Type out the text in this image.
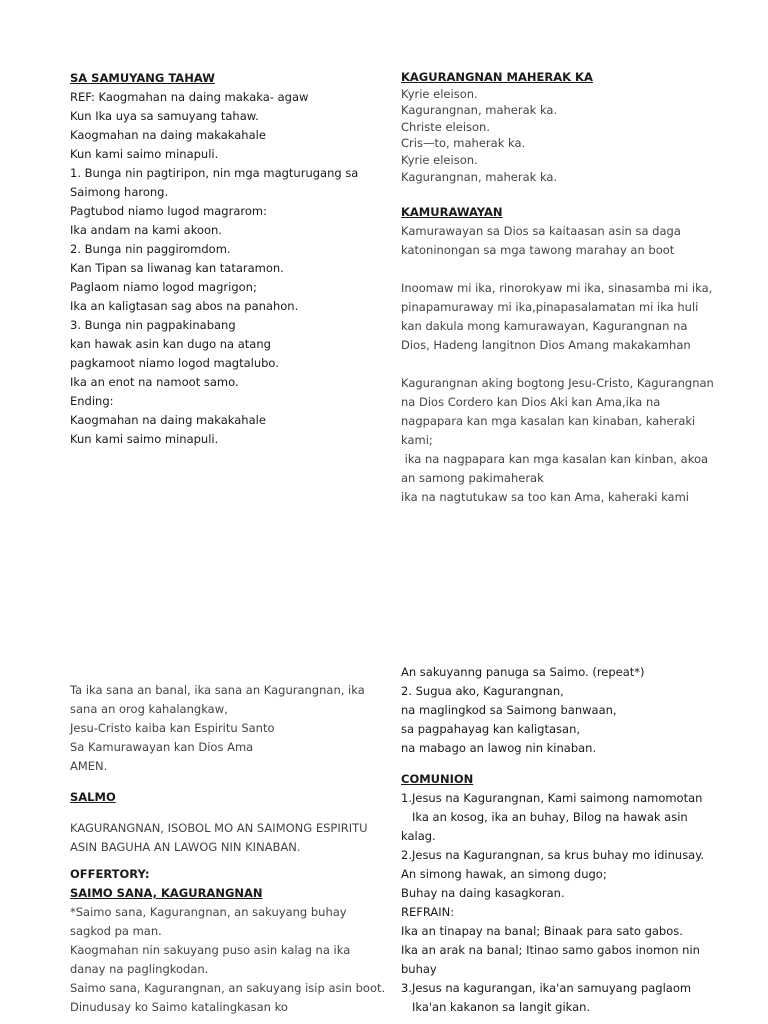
SA SAMUYANG TAHAW
REF: Kaogmahan na daing makaka- agaw
Kun Ika uya sa samuyang tahaw.
Kaogmahan na daing makakahale
Kun kami saimo minapuli.
1. Bunga nin pagtiripon, nin mga magturugang sa
Saimong harong.
Pagtubod niamo lugod magrarom:
Ika andam na kami akoon.
2. Bunga nin paggiromdom.
Kan Tipan sa liwanag kan tataramon.
Paglaom niamo logod magrigon;
Ika an kaligtasan sag abos na panahon.
3. Bunga nin pagpakinabang
kan hawak asin kan dugo na atang
pagkamoot niamo logod magtalubo.
Ika an enot na namoot samo.
Ending:
Kaogmahan na daing makakahale
Kun kami saimo minapuli.
KAGURANGNAN MAHERAK KA
Kyrie eleison.
Kagurangnan, maherak ka.
Christe eleison.
Cris—to, maherak ka.
Kyrie eleison.
Kagurangnan, maherak ka.
KAMURAWAYAN
Kamurawayan sa Dios sa kaitaasan asin sa daga
katoninongan sa mga tawong marahay an boot
Inoomaw mi ika, rinorokyaw mi ika, sinasamba mi ika,
pinapamuraway mi ika,pinapasalamatan mi ika huli
kan dakula mong kamurawayan, Kagurangnan na
Dios, Hadeng langitnon Dios Amang makakamhan
Kagurangnan aking bogtong Jesu-Cristo, Kagurangnan
na Dios Cordero kan Dios Aki kan Ama,ika na
nagpapara kan mga kasalan kan kinaban, kaheraki
kami;
ika na nagpapara kan mga kasalan kan kinban, akoa
an samong pakimaherak
ika na nagtutukaw sa too kan Ama, kaheraki kami
Ta ika sana an banal, ika sana an Kagurangnan, ika
sana an orog kahalangkaw,
Jesu-Cristo kaiba kan Espiritu Santo
Sa Kamurawayan kan Dios Ama
AMEN.
SALMO
KAGURANGNAN, ISOBOL MO AN SAIMONG ESPIRITU
ASIN BAGUHA AN LAWOG NIN KINABAN.
OFFERTORY:
SAIMO SANA, KAGURANGNAN
*Saimo sana, Kagurangnan, an sakuyang buhay
sagkod pa man.
Kaogmahan nin sakuyang puso asin kalag na ika
danay na paglingkodan.
Saimo sana, Kagurangnan, an sakuyang isip asin boot.
Dinudusay ko Saimo katalingkasan ko
An sakuyanng panuga sa Saimo. (repeat*)
2. Sugua ako, Kagurangnan,
na maglingkod sa Saimong banwaan,
sa pagpahayag kan kaligtasan,
na mabago an lawog nin kinaban.
COMUNION
1.Jesus na Kagurangnan, Kami saimong namomotan
Ika an kosog, ika an buhay, Bilog na hawak asin
kalag.
2.Jesus na Kagurangnan, sa krus buhay mo idinusay.
An simong hawak, an simong dugo;
Buhay na daing kasagkoran.
REFRAIN:
Ika an tinapay na banal; Binaak para sato gabos.
Ika an arak na banal; Itinao samo gabos inomon nin
buhay
3.Jesus na kagurangan, ika'an samuyang paglaom
Ika'an kakanon sa langit gikan.
